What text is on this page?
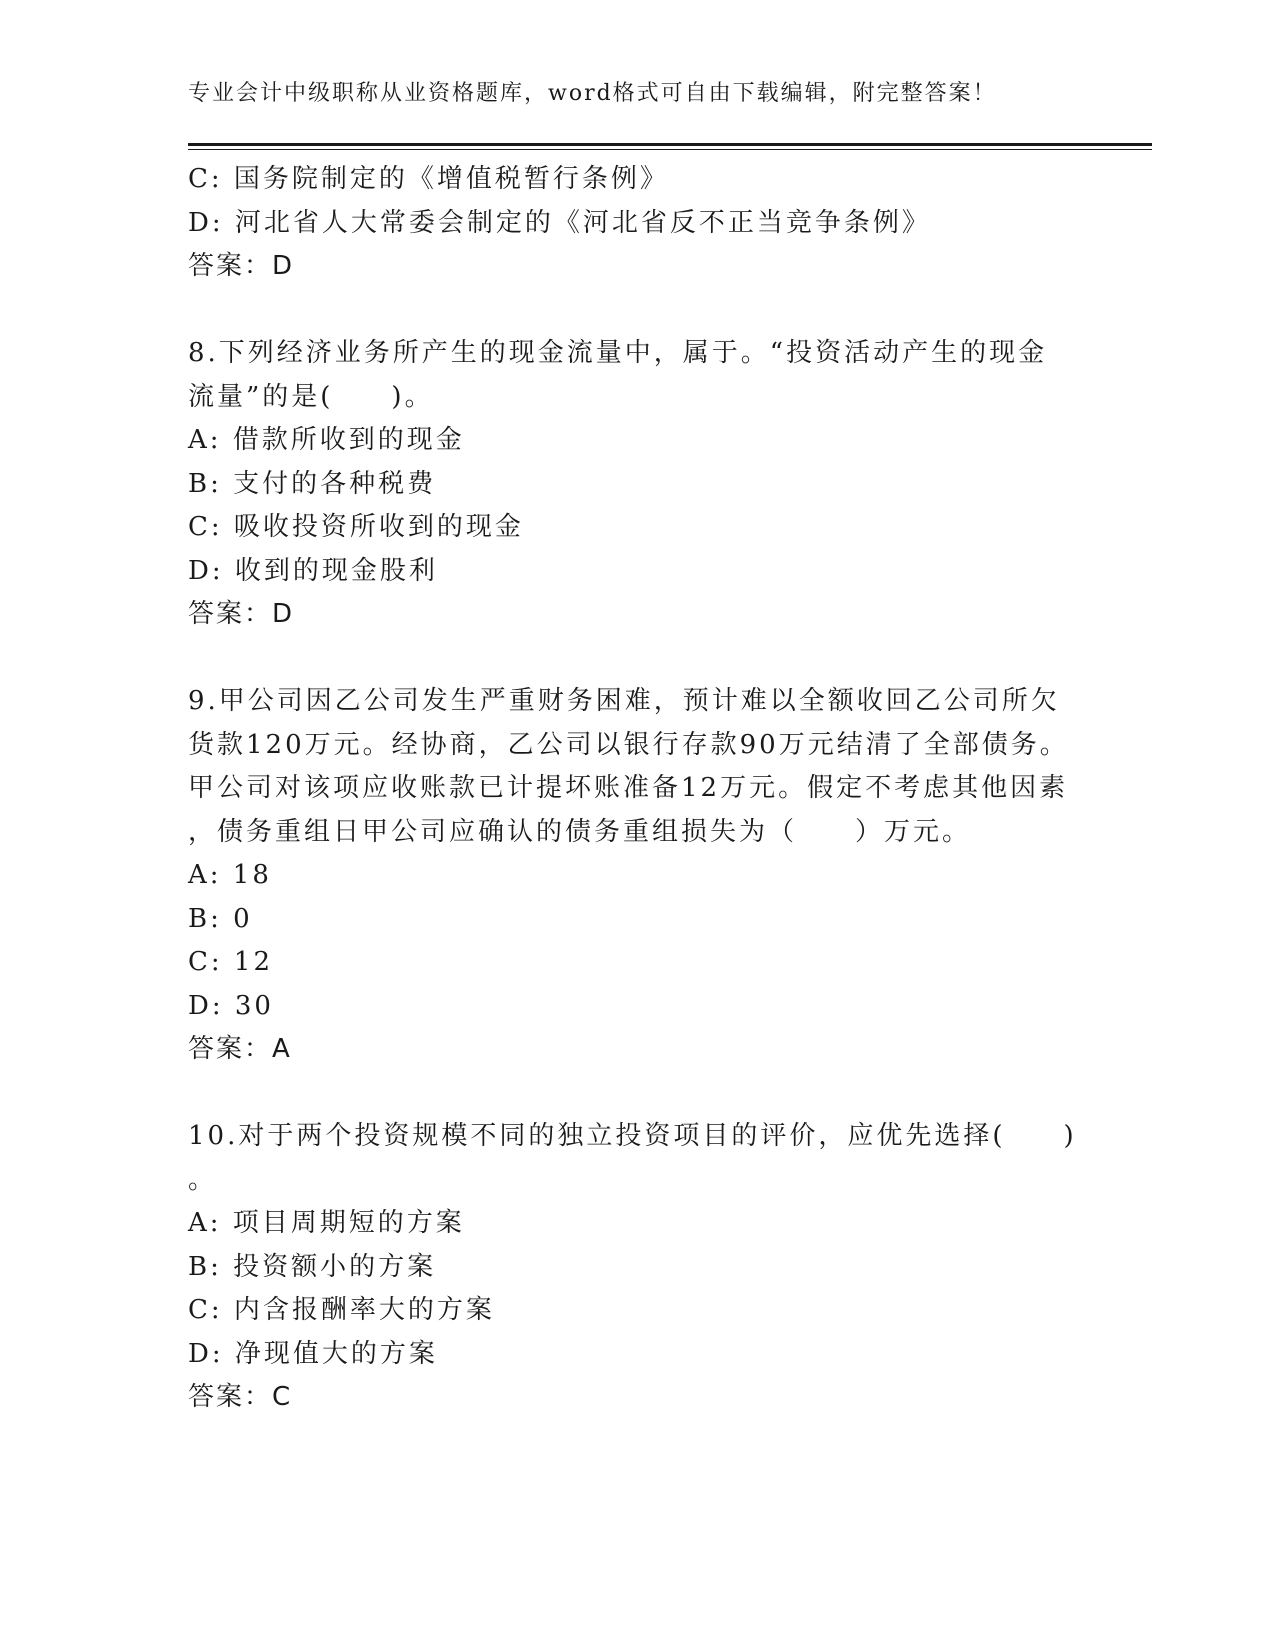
专业会计中级职称从业资格题库，word格式可自由下载编辑，附完整答案！
C: 国务院制定的《增值税暂行条例》
D: 河北省人大常委会制定的《河北省反不正当竞争条例》
答案：D
8.下列经济业务所产生的现金流量中，属于。“投资活动产生的现金
流量”的是(　　)。
A: 借款所收到的现金
B: 支付的各种税费
C: 吸收投资所收到的现金
D: 收到的现金股利
答案：D
9.甲公司因乙公司发生严重财务困难，预计难以全额收回乙公司所欠
货款120万元。经协商，乙公司以银行存款90万元结清了全部债务。
甲公司对该项应收账款已计提坏账准备12万元。假定不考虑其他因素
，债务重组日甲公司应确认的债务重组损失为（　　）万元。
A: 18
B: 0
C: 12
D: 30
答案：A
10.对于两个投资规模不同的独立投资项目的评价，应优先选择(　　)
。
A: 项目周期短的方案
B: 投资额小的方案
C: 内含报酬率大的方案
D: 净现值大的方案
答案：C
